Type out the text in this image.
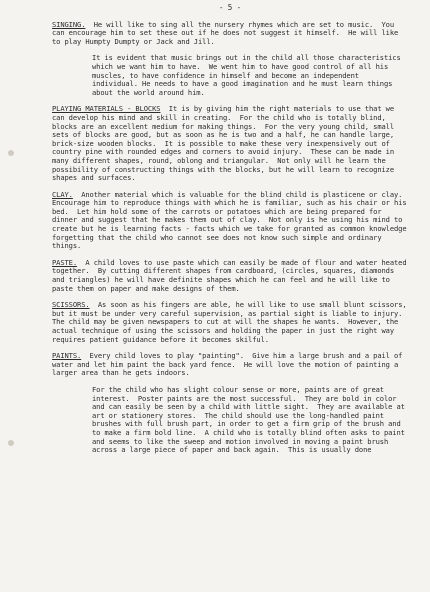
- 5 -

SINGING. He will like to sing all the nursery rhymes which are set to music.  You can encourage him to set these out if he does not suggest it himself.  He will like to play Humpty Dumpty or Jack and Jill.

It is evident that music brings out in the child all those characteristics which we want him to have.  We went him to have good control of all his muscles, to have confidence in himself and become an independent individual. He needs to have a good imagination and he must learn things about the world around him.

PLAYING MATERIALS - BLOCKS It is by giving him the right materials to use that we can develop his mind and skill in creating.  For the child who is totally blind, blocks are an excellent medium for making things.  For the very young child, small sets of blocks are good, but as soon as he is two and a half, he can handle large, brick-size wooden blocks.  It is possible to make these very inexpensively out of country pine with rounded edges and corners to avoid injury.  These can be made in many different shapes, round, oblong and triangular.  Not only will he learn the possibility of constructing things with the blocks, but he will learn to recognize shapes and surfaces.

CLAY. Another material which is valuable for the blind child is plasticene or clay.  Encourage him to reproduce things with which he is familiar, such as his chair or his bed.  Let him hold some of the carrots or potatoes which are being prepared for dinner and suggest that he makes them out of clay.  Not only is he using his mind to create but he is learning facts - facts which we take for granted as common knowledge forgetting that the child who cannot see does not know such simple and ordinary things.

PASTE. A child loves to use paste which can easily be made of flour and water heated together.  By cutting different shapes from cardboard, (circles, squares, diamonds and triangles) he will have definite shapes which he can feel and he will like to paste them on paper and make designs of them.

SCISSORS. As soon as his fingers are able, he will like to use small blunt scissors, but it must be under very careful supervision, as partial sight is liable to injury. The child may be given newspapers to cut at will the shapes he wants.  However, the actual technique of using the scissors and holding the paper in just the right way requires patient guidance before it becomes skilful.

PAINTS. Every child loves to play "painting".  Give him a large brush and a pail of water and let him paint the back yard fence.  He will love the motion of painting a larger area than he gets indoors.

For the child who has slight colour sense or more, paints are of great interest.  Poster paints are the most successful.  They are bold in color and can easily be seen by a child with little sight.  They are available at art or stationery stores.  The child should use the long-handled paint brushes with full brush part, in order to get a firm grip of the brush and to make a firm bold line.  A child who is totally blind often asks to paint and seems to like the sweep and motion involved in moving a paint brush across a large piece of paper and back again.  This is usually done
